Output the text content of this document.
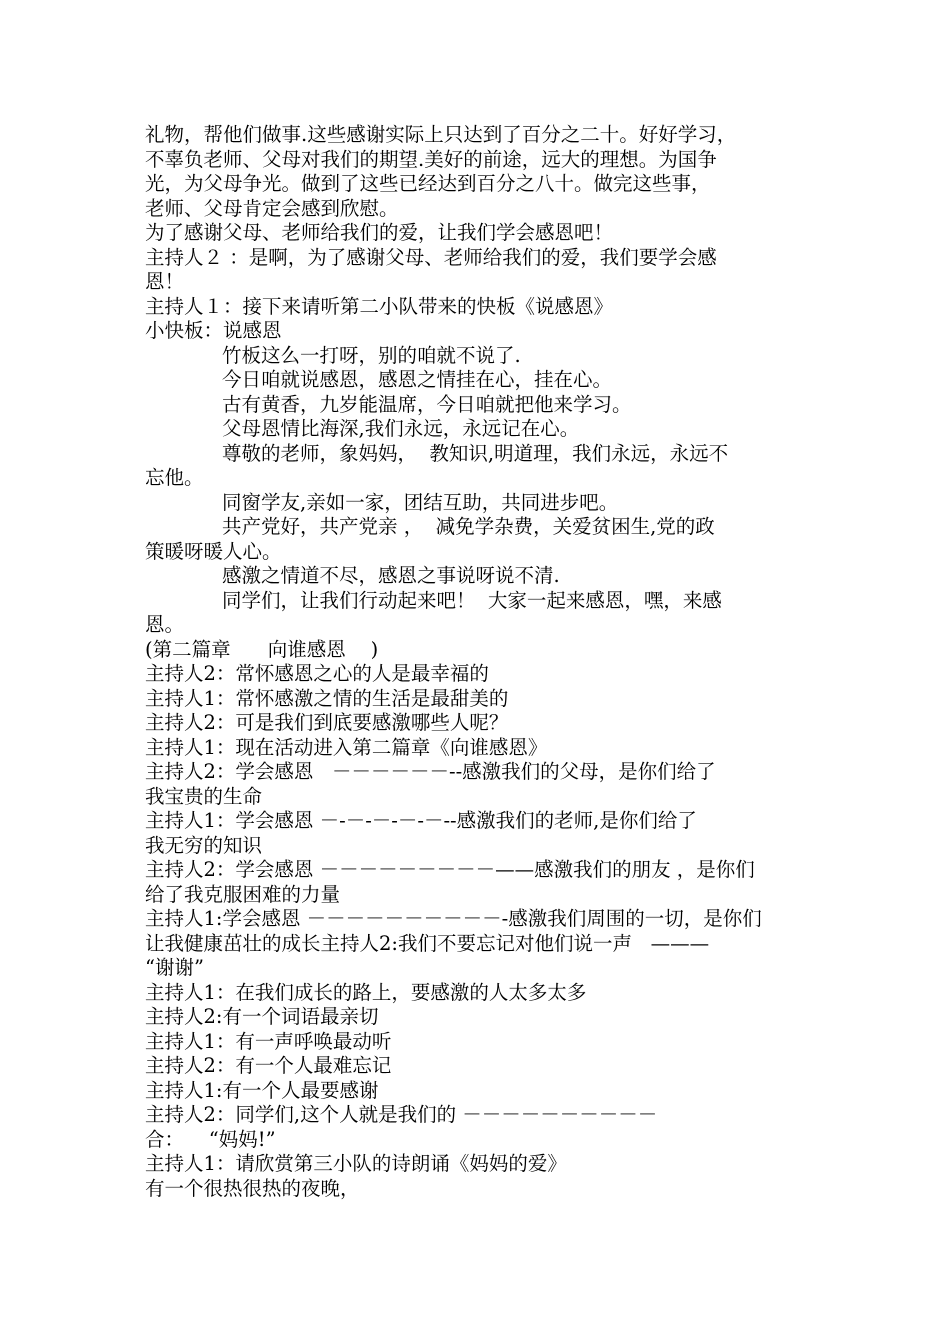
礼物，帮他们做事.这些感谢实际上只达到了百分之二十。好好学习，
不辜负老师、父母对我们的期望.美好的前途，远大的理想。为国争
光，为父母争光。做到了这些已经达到百分之八十。做完这些事，
老师、父母肯定会感到欣慰。
为了感谢父母、老师给我们的爱，让我们学会感恩吧！
主持人２ ：是啊，为了感谢父母、老师给我们的爱，我们要学会感
恩！
主持人１：接下来请听第二小队带来的快板《说感恩》
小快板：说感恩
竹板这么一打呀，别的咱就不说了.
今日咱就说感恩，感恩之情挂在心，挂在心。
古有黄香，九岁能温席，今日咱就把他来学习。
父母恩情比海深,我们永远，永远记在心。
尊敬的老师，象妈妈，  教知识,明道理，我们永远，永远不
忘他。
同窗学友,亲如一家，团结互助，共同进步吧。
共产党好，共产党亲 ，  减免学杂费，关爱贫困生,党的政
策暖呀暖人心。
感激之情道不尽，感恩之事说呀说不清.
同学们，让我们行动起来吧！  大家一起来感恩，嘿，来感
恩。
(第二篇章      向谁感恩    )
主持人2：常怀感恩之心的人是最幸福的
主持人1：常怀感激之情的生活是最甜美的
主持人2：可是我们到底要感激哪些人呢？
主持人1：现在活动进入第二篇章《向谁感恩》
主持人2：学会感恩   －－－－－－--感激我们的父母，是你们给了
我宝贵的生命
主持人1：学会感恩 －-－-－-－-－--感激我们的老师,是你们给了
我无穷的知识
主持人2：学会感恩 －－－－－－－－－——感激我们的朋友 ，是你们
给了我克服困难的力量
主持人1:学会感恩 －－－－－－－－－－-感激我们周围的一切，是你们
让我健康茁壮的成长主持人2:我们不要忘记对他们说一声   ———
“谢谢”
主持人1：在我们成长的路上，要感激的人太多太多
主持人2:有一个词语最亲切
主持人1：有一声呼唤最动听
主持人2：有一个人最难忘记
主持人1:有一个人最要感谢
主持人2：同学们,这个人就是我们的 －－－－－－－－－－
合：    “妈妈!”
主持人1：请欣赏第三小队的诗朗诵《妈妈的爱》
有一个很热很热的夜晚，
